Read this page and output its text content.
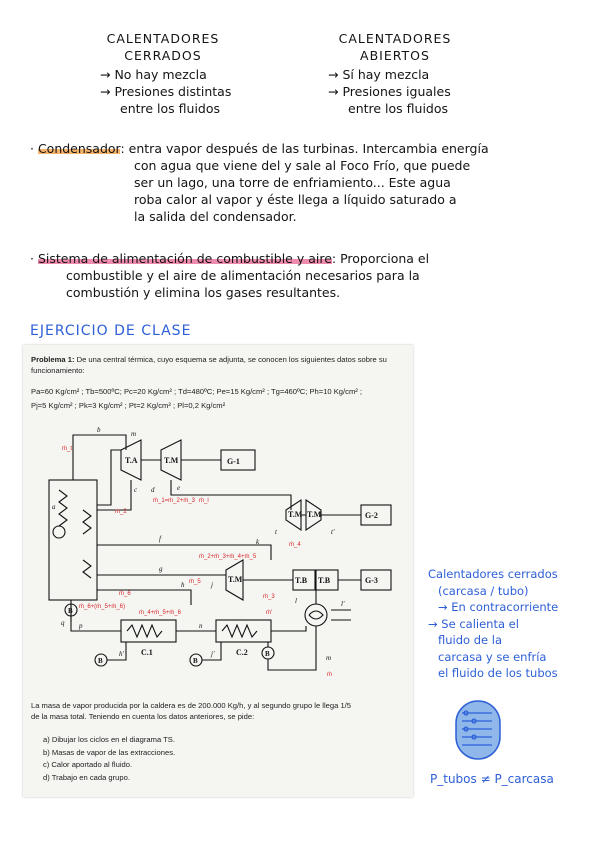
CALENTADORES
CERRADOS
→ No hay mezcla
→ Presiones distintas
entre los fluidos
CALENTADORES
ABIERTOS
→ Sí hay mezcla
→ Presiones iguales
entre los fluidos
· Condensador: entra vapor después de las turbinas. Intercambia energía
con agua que viene del y sale al Foco Frío, que puede
ser un lago, una torre de enfriamiento... Este agua
roba calor al vapor y éste llega a líquido saturado a
la salida del condensador.
· Sistema de alimentación de combustible y aire: Proporciona el
combustible y el aire de alimentación necesarios para la
combustión y elimina los gases resultantes.
EJERCICIO DE CLASE
Problema 1: De una central térmica, cuyo esquema se adjunta, se conocen los siguientes datos sobre su funcionamiento:
Pa=60 Kg/cm² ; Tb=500ºC; Pc=20 Kg/cm² ; Td=480ºC; Pe=15 Kg/cm² ; Tg=460ºC; Ph=10 Kg/cm² ;
Pj=5 Kg/cm² ; Pk=3 Kg/cm² ; Pt=2 Kg/cm² ; Pl=0,2 Kg/cm²
La masa de vapor producida por la caldera es de 200.000 Kg/h, y al segundo grupo le llega 1/5
de la masa total. Teniendo en cuenta los datos anteriores, se pide:
a) Dibujar los ciclos en el diagrama TS.
b) Masas de vapor de las extracciones.
c) Calor aportado al fluido.
d) Trabajo en cada grupo.
T.A	T.M	G-1
T.M T.M	G-2
T.M	T.B T.B	G-3
C.1	C.2
B
B	B
B
b	m
c d	e
a
f
g
h
k
j
l
t	t'
l'
q
m
h'	j'
p	n
ṁ_t
ṁ_2
ṁ_l
ṁ_1=ṁ_2+ṁ_3
ṁ_2+ṁ_3+ṁ_4+ṁ_5
ṁ_5
ṁ_4
ṁ_3
ṁ_6
ṁ_6+(ṁ_5+ṁ_6)
ṁ_4+ṁ_5+ṁ_6	ṁ'
ṁ
Calentadores cerrados
(carcasa / tubo)
→ En contracorriente
→ Se calienta el
fluido de la
carcasa y se enfría
el fluido de los tubos
P_tubos ≠ P_carcasa
